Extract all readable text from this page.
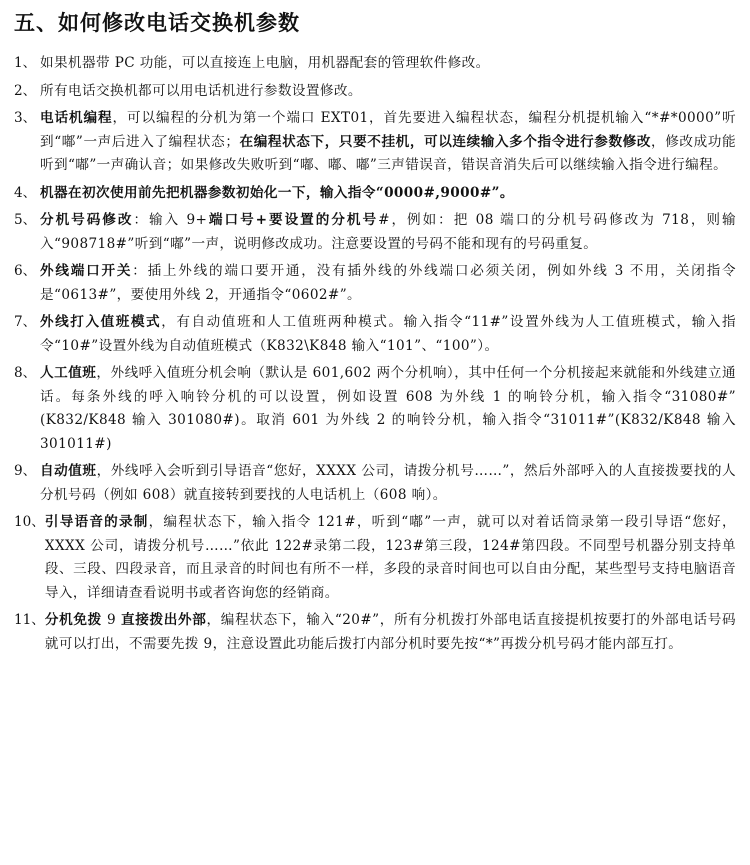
五、如何修改电话交换机参数
1、 如果机器带 PC 功能，可以直接连上电脑，用机器配套的管理软件修改。
2、 所有电话交换机都可以用电话机进行参数设置修改。
3、 电话机编程，可以编程的分机为第一个端口 EXT01，首先要进入编程状态，编程分机提机输入“*#*0000”听到“嘟”一声后进入了编程状态；在编程状态下，只要不挂机，可以连续输入多个指令进行参数修改，修改成功能听到“嘟”一声确认音；如果修改失败听到“嘟、嘟、嘟”三声错误音，错误音消失后可以继续输入指令进行编程。
4、 机器在初次使用前先把机器参数初始化一下，输入指令“0000#,9000#”。
5、 分机号码修改：输入 9+端口号+要设置的分机号#，例如：把 08 端口的分机号码修改为 718，则输入“908718#”听到“嘟”一声，说明修改成功。注意要设置的号码不能和现有的号码重复。
6、 外线端口开关：插上外线的端口要开通，没有插外线的外线端口必须关闭，例如外线 3 不用，关闭指令是“0613#”，要使用外线 2，开通指令“0602#”。
7、 外线打入值班模式，有自动值班和人工值班两种模式。输入指令“11#”设置外线为人工值班模式，输入指令“10#”设置外线为自动值班模式（K832\K848 输入“101”、“100”）。
8、 人工值班，外线呼入值班分机会响（默认是 601,602 两个分机响），其中任何一个分机接起来就能和外线建立通话。每条外线的呼入响铃分机的可以设置，例如设置 608 为外线 1 的响铃分机，输入指令“31080#” (K832/K848 输入 301080#)。取消 601 为外线 2 的响铃分机，输入指令“31011#”(K832/K848 输入 301011#)
9、 自动值班，外线呼入会听到引导语音“您好，XXXX 公司，请拨分机号……”，然后外部呼入的人直接拨要找的人分机号码（例如 608）就直接转到要找的人电话机上（608 响）。
10、 引导语音的录制，编程状态下，输入指令 121#，听到“嘟”一声，就可以对着话筒录第一段引导语“您好，XXXX 公司，请拨分机号……”依此 122#录第二段，123#第三段，124#第四段。不同型号机器分别支持单段、三段、四段录音，而且录音的时间也有所不一样，多段的录音时间也可以自由分配，某些型号支持电脑语音导入，详细请查看说明书或者咨询您的经销商。
11、 分机免拨 9 直接拨出外部，编程状态下，输入“20#”，所有分机拨打外部电话直接提机按要打的外部电话号码就可以打出，不需要先拨 9，注意设置此功能后拨打内部分机时要先按“*”再拨分机号码才能内部互打。
